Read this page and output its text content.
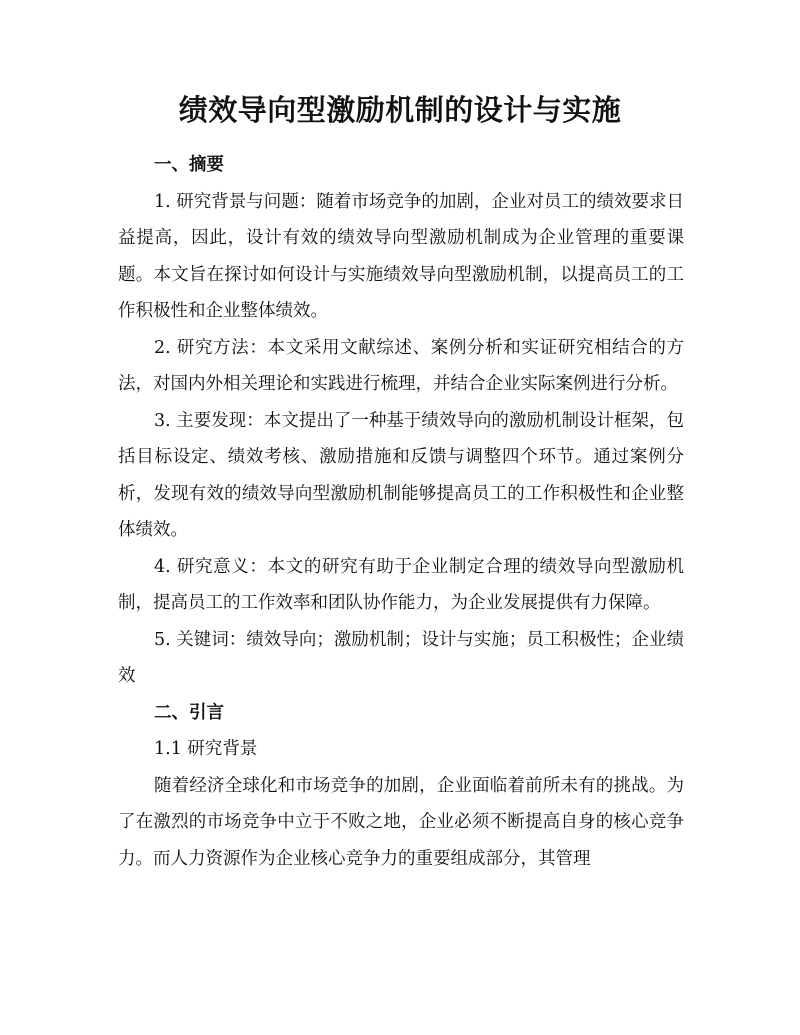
绩效导向型激励机制的设计与实施

一、摘要

1. 研究背景与问题：随着市场竞争的加剧，企业对员工的绩效要求日益提高，因此，设计有效的绩效导向型激励机制成为企业管理的重要课题。本文旨在探讨如何设计与实施绩效导向型激励机制，以提高员工的工作积极性和企业整体绩效。

2. 研究方法：本文采用文献综述、案例分析和实证研究相结合的方法，对国内外相关理论和实践进行梳理，并结合企业实际案例进行分析。

3. 主要发现：本文提出了一种基于绩效导向的激励机制设计框架，包括目标设定、绩效考核、激励措施和反馈与调整四个环节。通过案例分析，发现有效的绩效导向型激励机制能够提高员工的工作积极性和企业整体绩效。

4. 研究意义：本文的研究有助于企业制定合理的绩效导向型激励机制，提高员工的工作效率和团队协作能力，为企业发展提供有力保障。

5. 关键词：绩效导向；激励机制；设计与实施；员工积极性；企业绩效

二、引言

1.1 研究背景

随着经济全球化和市场竞争的加剧，企业面临着前所未有的挑战。为了在激烈的市场竞争中立于不败之地，企业必须不断提高自身的核心竞争力。而人力资源作为企业核心竞争力的重要组成部分，其管理
